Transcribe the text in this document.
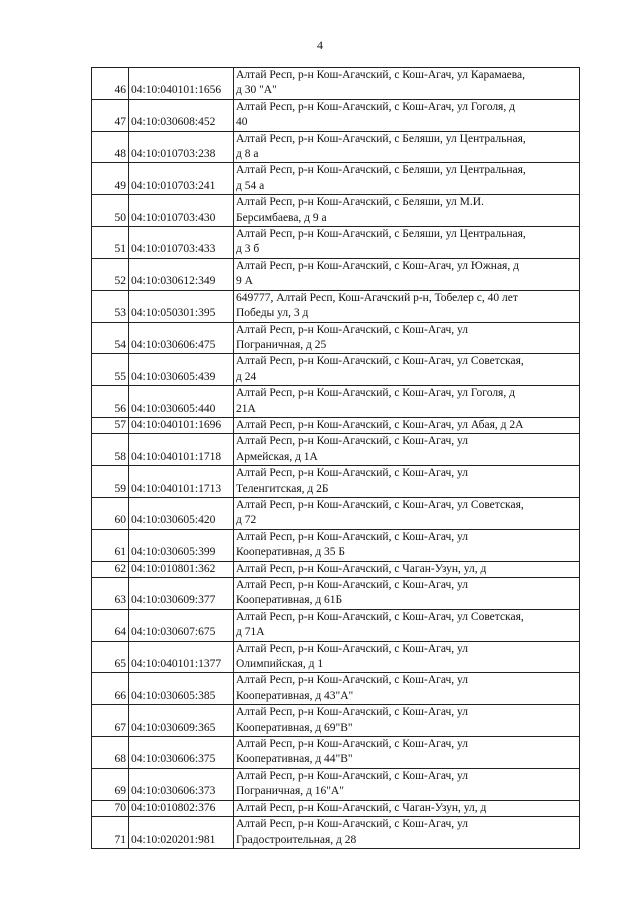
4
46	04:10:040101:1656	Алтай Респ, р-н Кош-Агачский, с Кош-Агач, ул Карамаева,
д 30 "А"

47	04:10:030608:452	Алтай Респ, р-н Кош-Агачский, с Кош-Агач, ул Гоголя, д
40

48	04:10:010703:238	Алтай Респ, р-н Кош-Агачский, с Беляши, ул Центральная,
д 8 а

49	04:10:010703:241	Алтай Респ, р-н Кош-Агачский, с Беляши, ул Центральная,
д 54 а

50	04:10:010703:430	Алтай Респ, р-н Кош-Агачский, с Беляши, ул М.И.
Берсимбаева, д 9 а

51	04:10:010703:433	Алтай Респ, р-н Кош-Агачский, с Беляши, ул Центральная,
д 3 б

52	04:10:030612:349	Алтай Респ, р-н Кош-Агачский, с Кош-Агач, ул Южная, д
9 А

53	04:10:050301:395	649777, Алтай Респ, Кош-Агачский р-н, Тобелер с, 40 лет
Победы ул, 3 д

54	04:10:030606:475	Алтай Респ, р-н Кош-Агачский, с Кош-Агач, ул
Пограничная, д 25

55	04:10:030605:439	Алтай Респ, р-н Кош-Агачский, с Кош-Агач, ул Советская,
д 24

56	04:10:030605:440	Алтай Респ, р-н Кош-Агачский, с Кош-Агач, ул Гоголя, д
21А

57	04:10:040101:1696	Алтай Респ, р-н Кош-Агачский, с Кош-Агач, ул Абая, д 2А

58	04:10:040101:1718	Алтай Респ, р-н Кош-Агачский, с Кош-Агач, ул
Армейская, д 1А

59	04:10:040101:1713	Алтай Респ, р-н Кош-Агачский, с Кош-Агач, ул
Теленгитская, д 2Б

60	04:10:030605:420	Алтай Респ, р-н Кош-Агачский, с Кош-Агач, ул Советская,
д 72

61	04:10:030605:399	Алтай Респ, р-н Кош-Агачский, с Кош-Агач, ул
Кооперативная, д 35 Б

62	04:10:010801:362	Алтай Респ, р-н Кош-Агачский, с Чаган-Узун, ул, д

63	04:10:030609:377	Алтай Респ, р-н Кош-Агачский, с Кош-Агач, ул
Кооперативная, д 61Б

64	04:10:030607:675	Алтай Респ, р-н Кош-Агачский, с Кош-Агач, ул Советская,
д 71А

65	04:10:040101:1377	Алтай Респ, р-н Кош-Агачский, с Кош-Агач, ул
Олимпийская, д 1

66	04:10:030605:385	Алтай Респ, р-н Кош-Агачский, с Кош-Агач, ул
Кооперативная, д 43"А"

67	04:10:030609:365	Алтай Респ, р-н Кош-Агачский, с Кош-Агач, ул
Кооперативная, д 69"В"

68	04:10:030606:375	Алтай Респ, р-н Кош-Агачский, с Кош-Агач, ул
Кооперативная, д 44"В"

69	04:10:030606:373	Алтай Респ, р-н Кош-Агачский, с Кош-Агач, ул
Пограничная, д 16"А"

70	04:10:010802:376	Алтай Респ, р-н Кош-Агачский, с Чаган-Узун, ул, д

71	04:10:020201:981	Алтай Респ, р-н Кош-Агачский, с Кош-Агач, ул
Градостроительная, д 28
